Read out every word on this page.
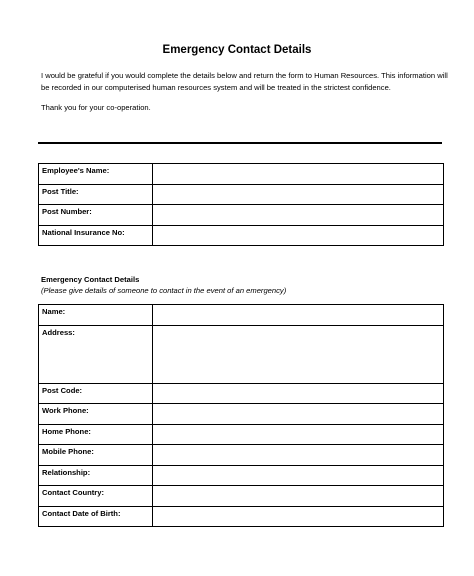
Emergency Contact Details

I would be grateful if you would complete the details below and return the form to Human Resources. This information will

be recorded in our computerised human resources system and will be treated in the strictest confidence.

Thank you for your co-operation.
Employee's Name:	
Post Title:	
Post Number:	
National Insurance No:	
Emergency Contact Details
(Please give details of someone to contact in the event of an emergency)
Name:	
Address:	
Post Code:	
Work Phone:	
Home Phone:	
Mobile Phone:	
Relationship:	
Contact Country:	
Contact Date of Birth:	
